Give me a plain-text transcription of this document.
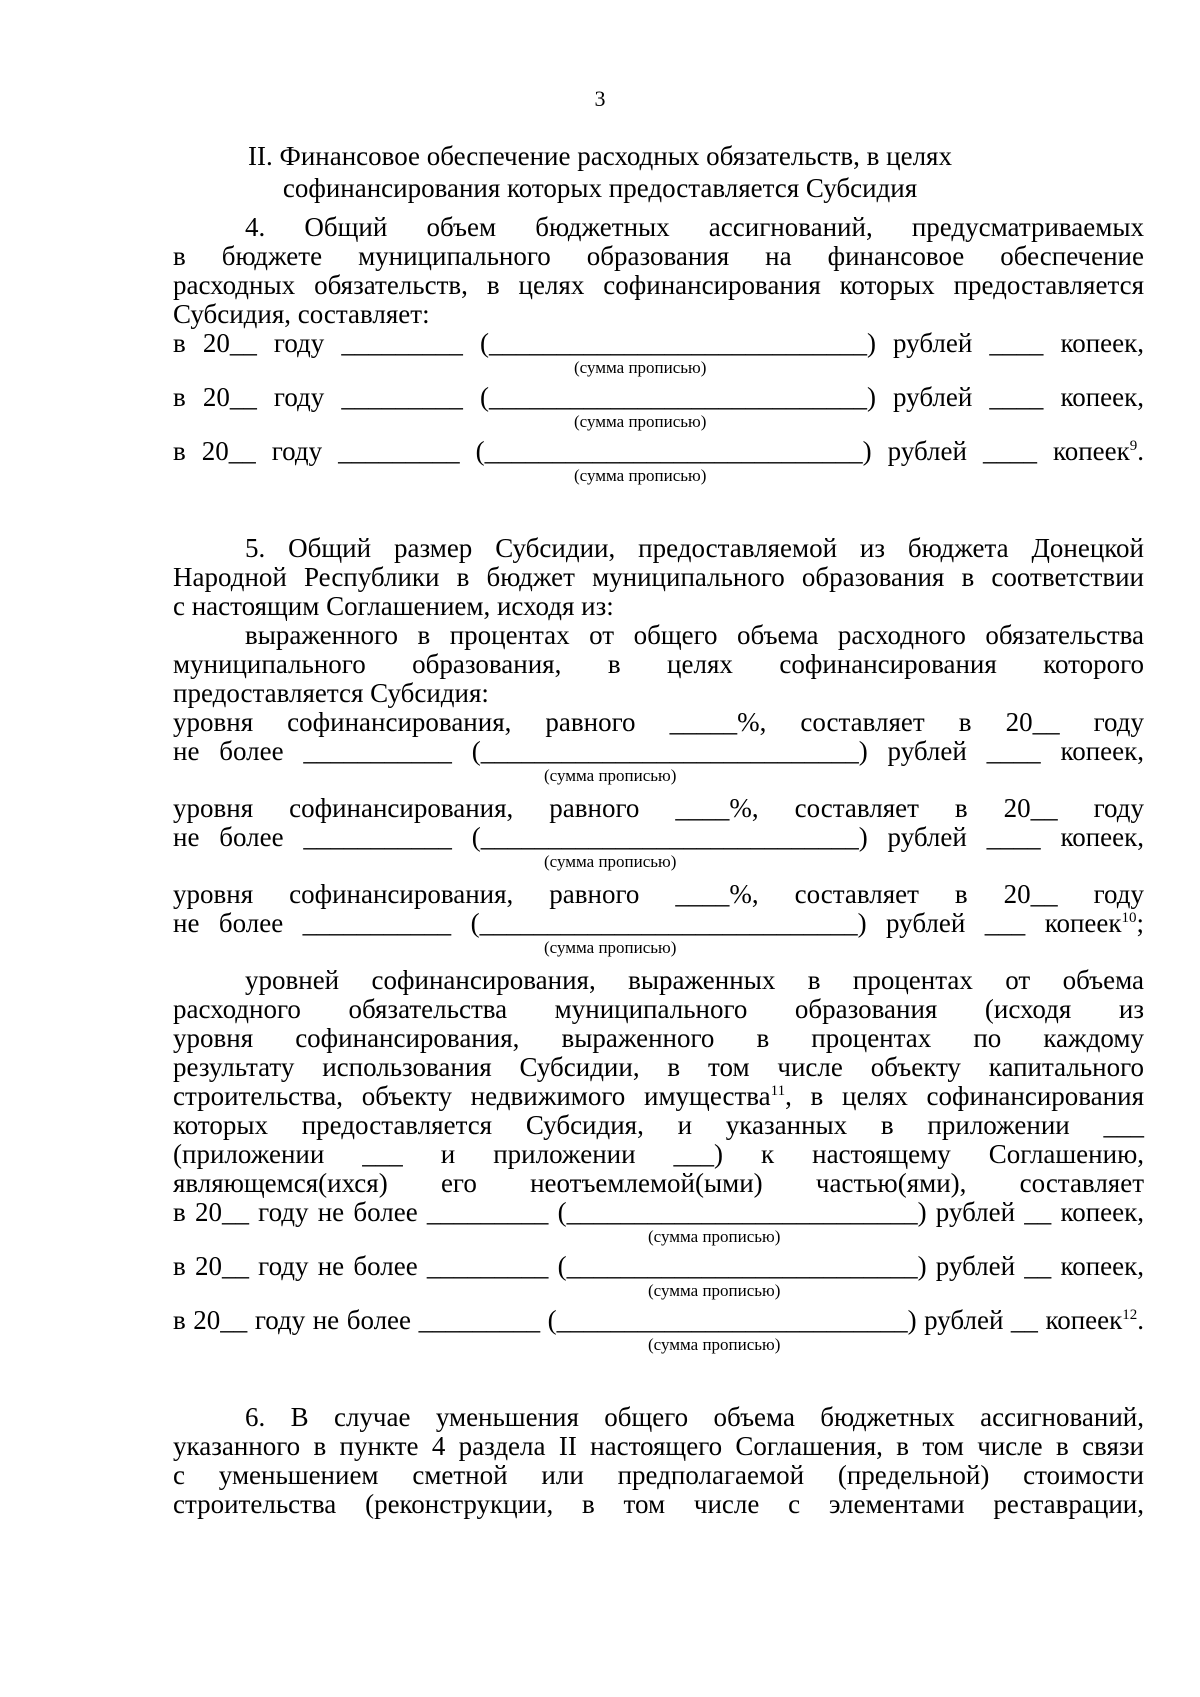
3
II. Финансовое обеспечение расходных обязательств, в целях
софинансирования которых предоставляется Субсидия
4. Общий объем бюджетных ассигнований, предусматриваемых
в бюджете муниципального образования на финансовое обеспечение
расходных обязательств, в целях софинансирования которых предоставляется
Субсидия, составляет:
в 20__ году _________ (____________________________) рублей ____ копеек,
(сумма прописью)
в 20__ году _________ (____________________________) рублей ____ копеек,
(сумма прописью)
в 20__ году _________ (____________________________) рублей ____ копеек$^9$.
(сумма прописью)
5. Общий размер Субсидии, предоставляемой из бюджета Донецкой
Народной Республики в бюджет муниципального образования в соответствии
с настоящим Соглашением, исходя из:
выраженного в процентах от общего объема расходного обязательства
муниципального образования, в целях софинансирования которого
предоставляется Субсидия:
уровня софинансирования, равного _____%, составляет в 20__ году
не более ___________ (____________________________) рублей ____ копеек,
(сумма прописью)
уровня софинансирования, равного ____%, составляет в 20__ году
не более ___________ (____________________________) рублей ____ копеек,
(сумма прописью)
уровня софинансирования, равного ____%, составляет в 20__ году
не более ___________ (____________________________) рублей ___ копеек$^{10}$;
(сумма прописью)
уровней софинансирования, выраженных в процентах от объема
расходного обязательства муниципального образования (исходя из
уровня софинансирования, выраженного в процентах по каждому
результату использования Субсидии, в том числе объекту капитального
строительства, объекту недвижимого имущества$^{11}$, в целях софинансирования
которых предоставляется Субсидия, и указанных в приложении ___
(приложении ___ и приложении ___) к настоящему Соглашению,
являющемся(ихся) его неотъемлемой(ыми) частью(ями), составляет
в 20__ году не более _________ (__________________________) рублей __ копеек,
(сумма прописью)
в 20__ году не более _________ (__________________________) рублей __ копеек,
(сумма прописью)
в 20__ году не более _________ (__________________________) рублей __ копеек$^{12}$.
(сумма прописью)
6. В случае уменьшения общего объема бюджетных ассигнований,
указанного в пункте 4 раздела II настоящего Соглашения, в том числе в связи
с уменьшением сметной или предполагаемой (предельной) стоимости
строительства (реконструкции, в том числе с элементами реставрации,
